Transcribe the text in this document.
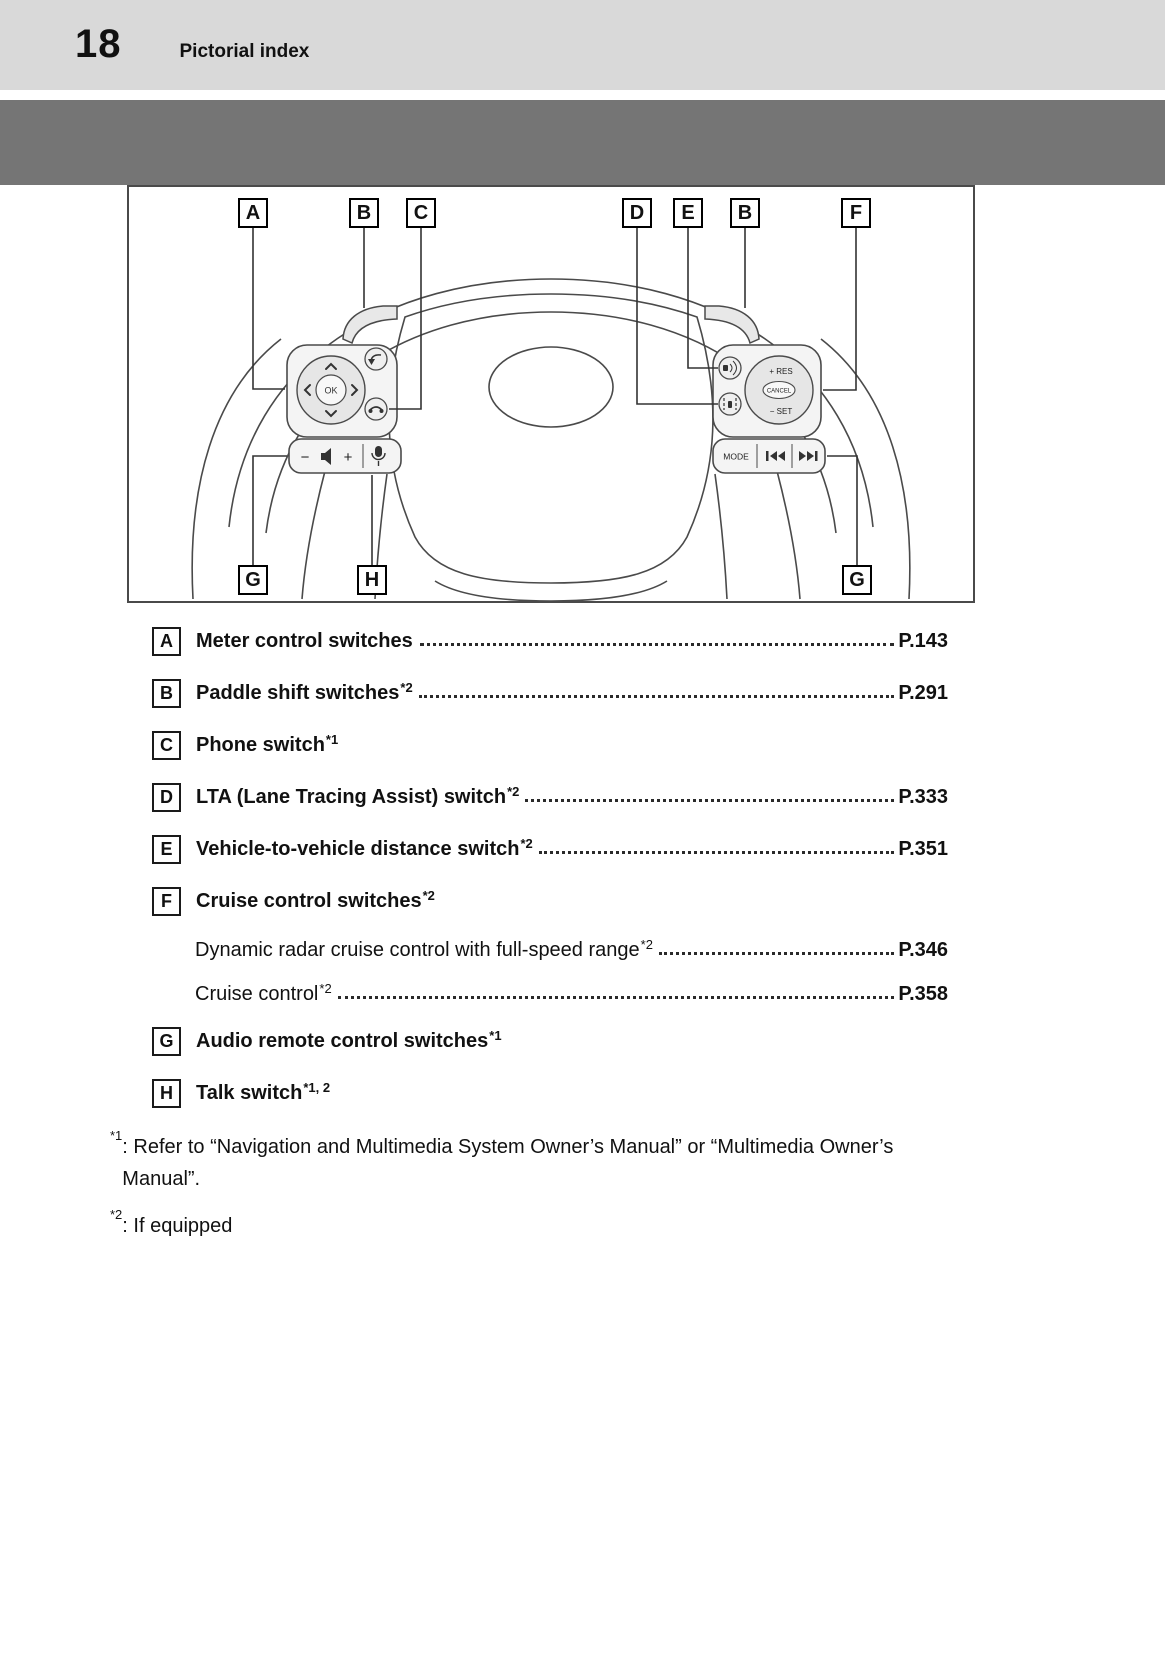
18	Pictorial index
OK
− +
+ RES
CANCEL
− SET
MODE
A	B	C	D	E	B	F
G	H	G
A	Meter control switches	P.143
B	Paddle shift switches$^{*2}$	P.291
C	Phone switch$^{*1}$
D	LTA (Lane Tracing Assist) switch$^{*2}$	P.333
E	Vehicle-to-vehicle distance switch$^{*2}$	P.351
F	Cruise control switches$^{*2}$
Dynamic radar cruise control with full-speed range$^{*2}$	P.346
Cruise control$^{*2}$	P.358
G	Audio remote control switches$^{*1}$
H	Talk switch$^{*1, 2}$
*1
: Refer to “Navigation and Multimedia System Owner’s Manual” or “Multimedia Owner’s Manual”.
*2
: If equipped
